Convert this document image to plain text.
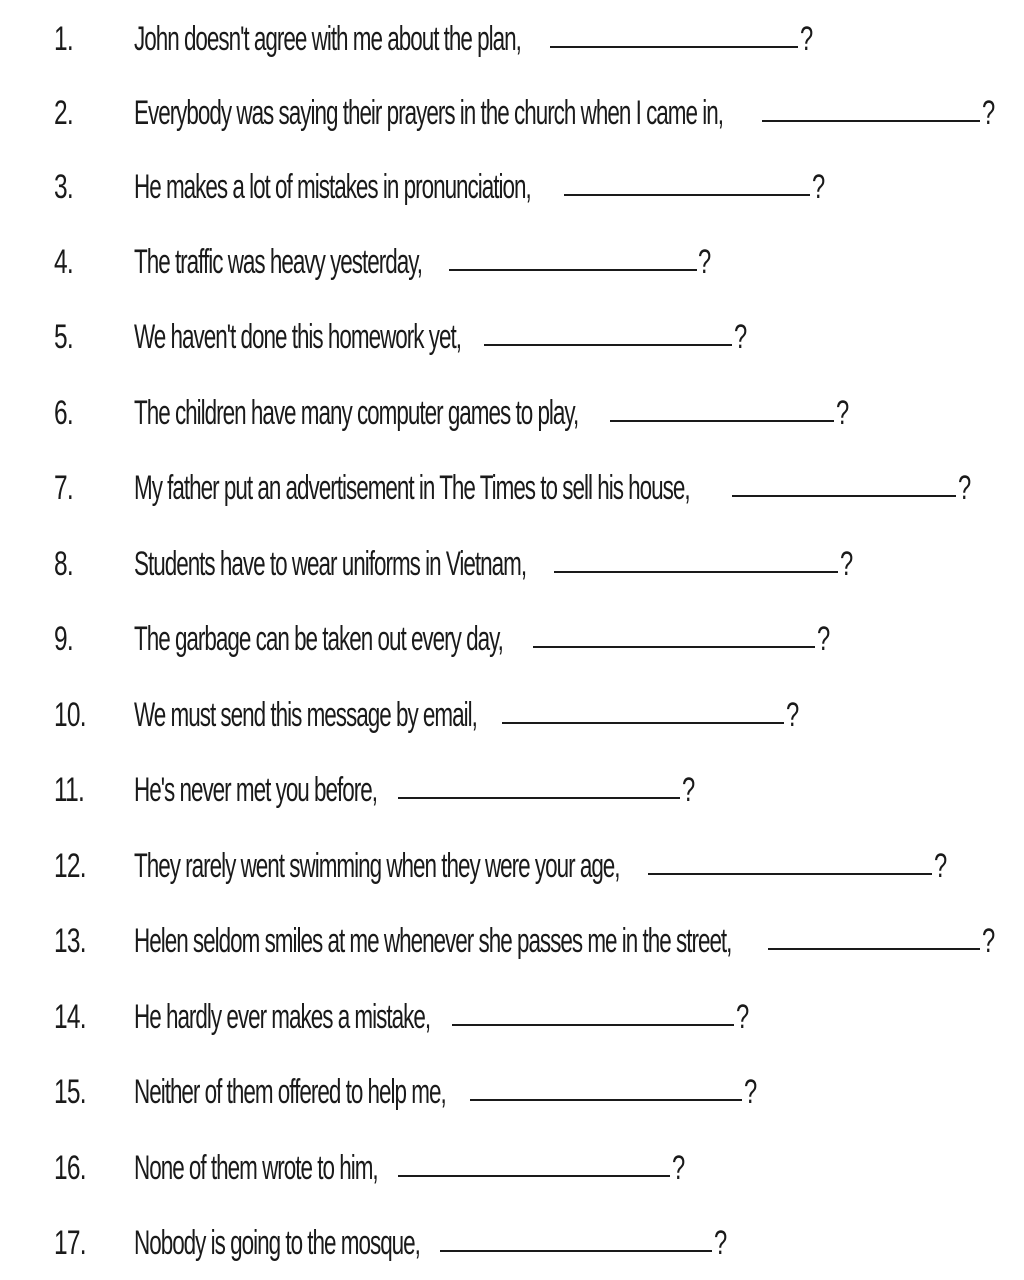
1. John doesn't agree with me about the plan,	?
2. Everybody was saying their prayers in the church when I came in,	?
3. He makes a lot of mistakes in pronunciation,	?
4. The traffic was heavy yesterday,	?
5. We haven't done this homework yet,	?
6. The children have many computer games to play,	?
7. My father put an advertisement in The Times to sell his house,	?
8. Students have to wear uniforms in Vietnam,	?
9. The garbage can be taken out every day,	?
10. We must send this message by email,	?
11. He's never met you before,	?
12. They rarely went swimming when they were your age,	?
13. Helen seldom smiles at me whenever she passes me in the street,	?
14. He hardly ever makes a mistake,	?
15. Neither of them offered to help me,	?
16. None of them wrote to him,	?
17. Nobody is going to the mosque,	?
